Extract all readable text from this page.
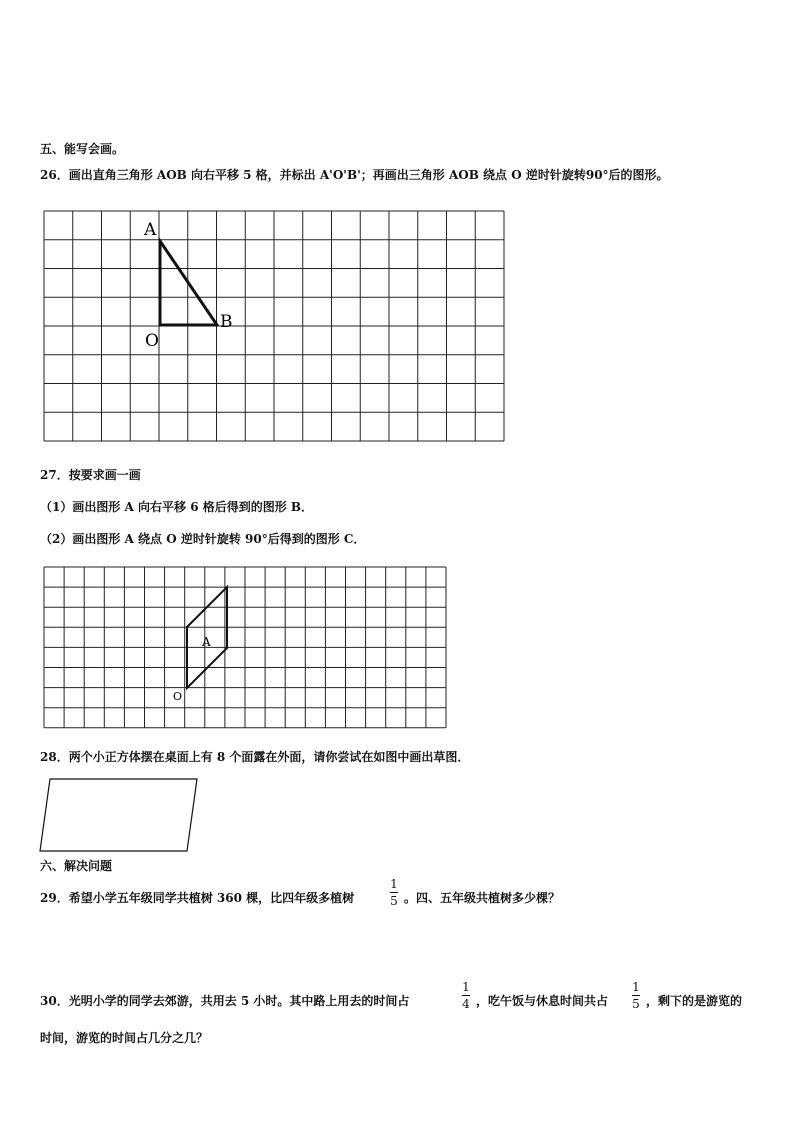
五、能写会画。
26．画出直角三角形 AOB 向右平移 5 格，并标出 A'O'B'；再画出三角形 AOB 绕点 O 逆时针旋转90°后的图形。
A
B
O
A
O
27．按要求画一画
（1）画出图形 A 向右平移 6 格后得到的图形 B．
（2）画出图形 A 绕点 O 逆时针旋转 90°后得到的图形 C．
28．两个小正方体摆在桌面上有 8 个面露在外面，请你尝试在如图中画出草图．
六、解决问题
29．希望小学五年级同学共植树 360 棵，比四年级多植树
1
5 。四、五年级共植树多少棵？
30．光明小学的同学去郊游，共用去 5 小时。其中路上用去的时间占
1
4 ，吃午饭与休息时间共占
1
5 ，剩下的是游览的
时间，游览的时间占几分之几？
